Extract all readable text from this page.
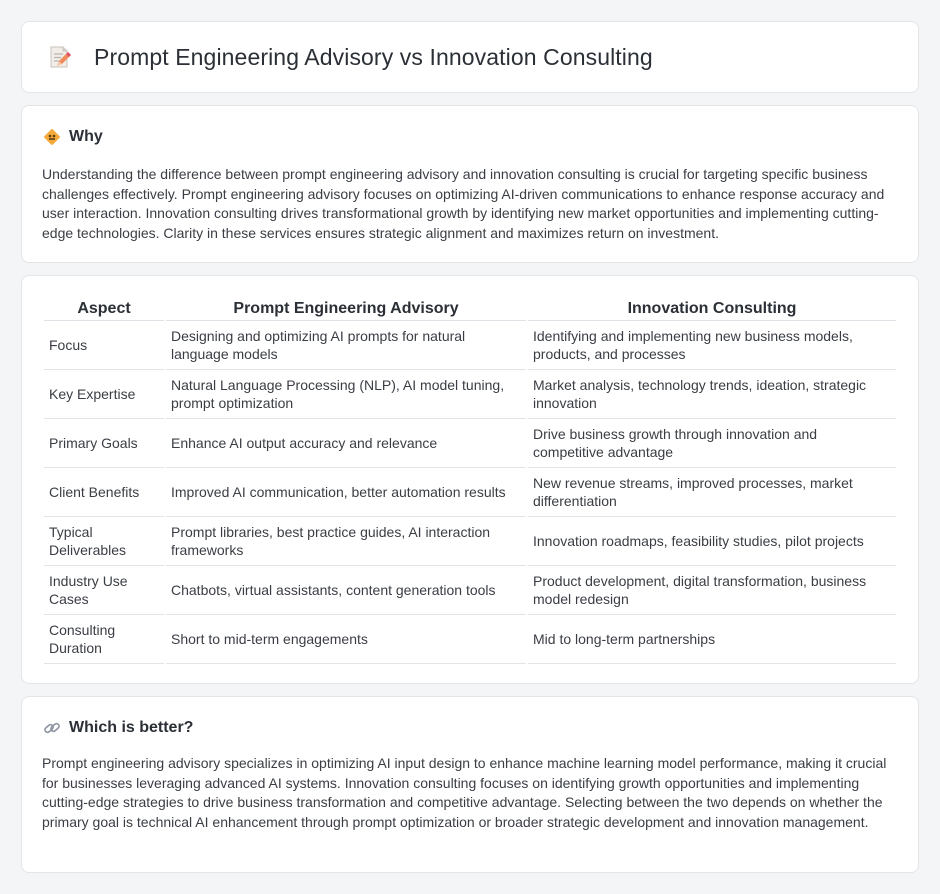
Prompt Engineering Advisory vs Innovation Consulting
Why

Understanding the difference between prompt engineering advisory and innovation consulting is crucial for targeting specific business challenges effectively. Prompt engineering advisory focuses on optimizing AI-driven communications to enhance response accuracy and user interaction. Innovation consulting drives transformational growth by identifying new market opportunities and implementing cutting-edge technologies. Clarity in these services ensures strategic alignment and maximizes return on investment.

Aspect	Prompt Engineering Advisory	Innovation Consulting
Focus	Designing and optimizing AI prompts for natural language models	Identifying and implementing new business models, products, and processes
Key Expertise	Natural Language Processing (NLP), AI model tuning, prompt optimization	Market analysis, technology trends, ideation, strategic innovation
Primary Goals	Enhance AI output accuracy and relevance	Drive business growth through innovation and competitive advantage
Client Benefits	Improved AI communication, better automation results	New revenue streams, improved processes, market differentiation
Typical Deliverables	Prompt libraries, best practice guides, AI interaction frameworks	Innovation roadmaps, feasibility studies, pilot projects
Industry Use Cases	Chatbots, virtual assistants, content generation tools	Product development, digital transformation, business model redesign
Consulting Duration	Short to mid-term engagements	Mid to long-term partnerships
Which is better?

Prompt engineering advisory specializes in optimizing AI input design to enhance machine learning model performance, making it crucial for businesses leveraging advanced AI systems. Innovation consulting focuses on identifying growth opportunities and implementing cutting-edge strategies to drive business transformation and competitive advantage. Selecting between the two depends on whether the primary goal is technical AI enhancement through prompt optimization or broader strategic development and innovation management.
